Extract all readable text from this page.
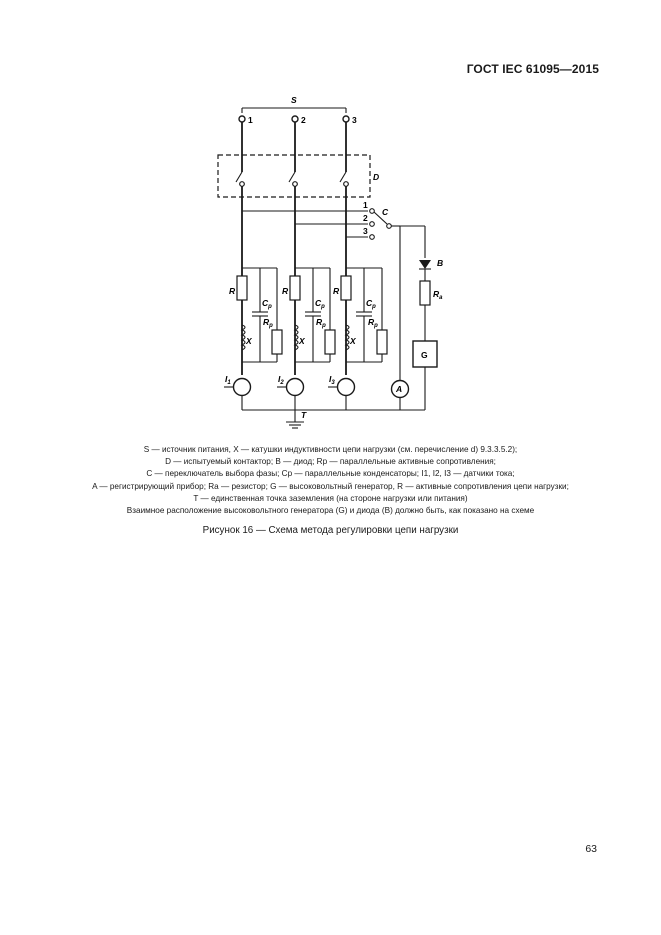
ГОСТ IEC 61095—2015
S
1	2	3
D
1
2
3
C
R
X
$C_p$
$R_p$
$I_1$
R
X
$C_p$
$R_p$
$I_2$
R
X
$C_p$
$R_p$
$I_3$
A
G
B
$R_a$
T
S — источник питания, X — катушки индуктивности цепи нагрузки (см. перечисление d) 9.3.3.5.2);
D — испытуемый контактор; B — диод; Rp — параллельные активные сопротивления;
C — переключатель выбора фазы; Cp — параллельные конденсаторы; I1, I2, I3 — датчики тока;
A — регистрирующий прибор; Ra — резистор; G — высоковольтный генератор, R — активные сопротивления цепи нагрузки;
T — единственная точка заземления (на стороне нагрузки или питания)
Взаимное расположение высоковольтного генератора (G) и диода (B) должно быть, как показано на схеме
Рисунок 16 — Схема метода регулировки цепи нагрузки
63
